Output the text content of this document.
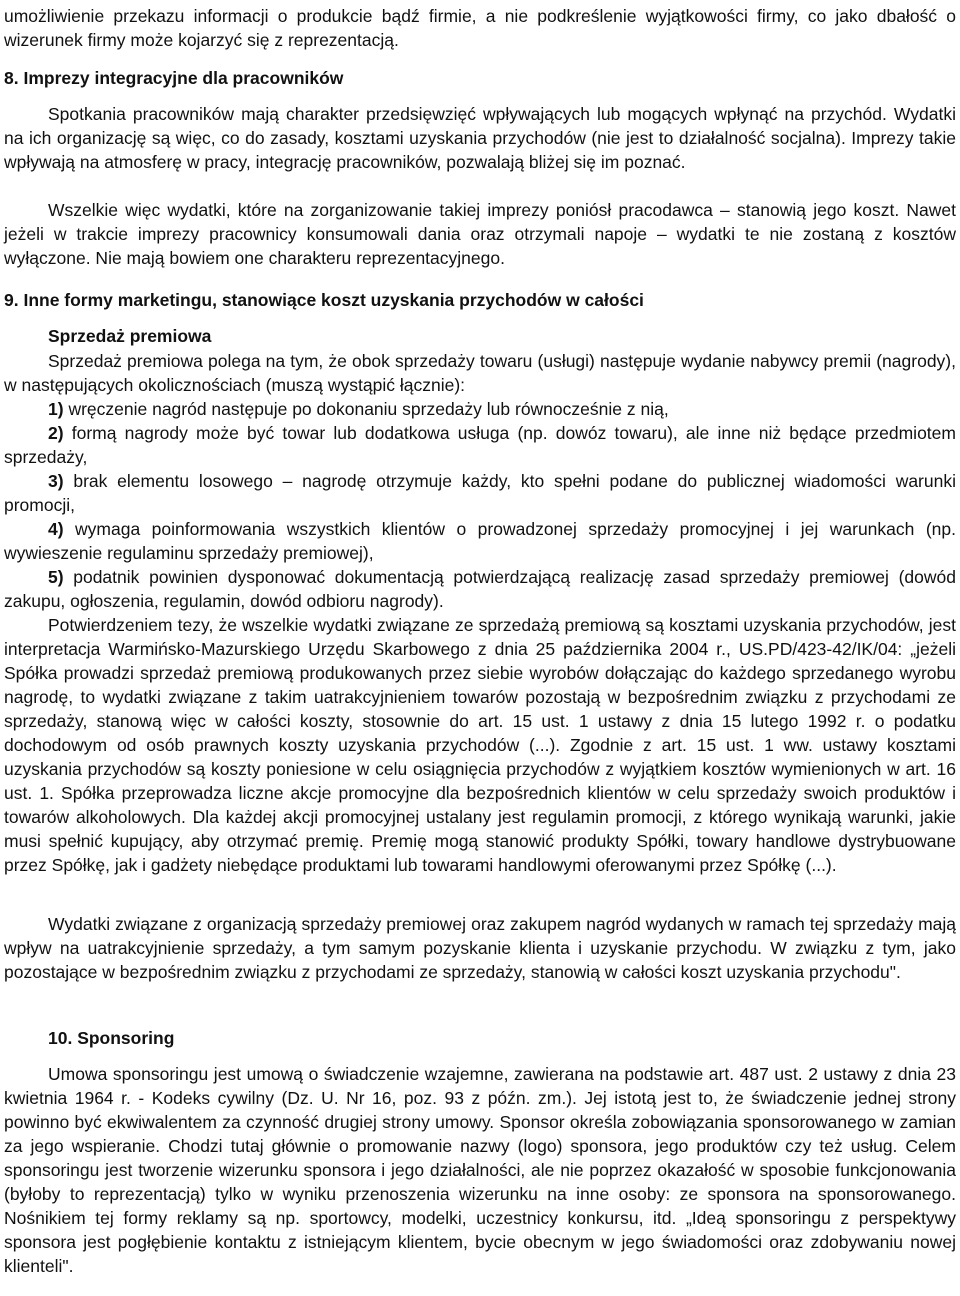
umożliwienie przekazu informacji o produkcie bądź firmie, a nie podkreślenie wyjątkowości firmy, co jako dbałość o wizerunek firmy może kojarzyć się z reprezentacją.

8. Imprezy integracyjne dla pracowników

Spotkania pracowników mają charakter przedsięwzięć wpływających lub mogących wpłynąć na przychód. Wydatki na ich organizację są więc, co do zasady, kosztami uzyskania przychodów (nie jest to działalność socjalna). Imprezy takie wpływają na atmosferę w pracy, integrację pracowników, pozwalają bliżej się im poznać.

Wszelkie więc wydatki, które na zorganizowanie takiej imprezy poniósł pracodawca – stanowią jego koszt. Nawet jeżeli w trakcie imprezy pracownicy konsumowali dania oraz otrzymali napoje – wydatki te nie zostaną z kosztów wyłączone. Nie mają bowiem one charakteru reprezentacyjnego.

9. Inne formy marketingu, stanowiące koszt uzyskania przychodów w całości

Sprzedaż premiowa

Sprzedaż premiowa polega na tym, że obok sprzedaży towaru (usługi) następuje wydanie nabywcy premii (nagrody), w następujących okolicznościach (muszą wystąpić łącznie):

1) wręczenie nagród następuje po dokonaniu sprzedaży lub równocześnie z nią,

2) formą nagrody może być towar lub dodatkowa usługa (np. dowóz towaru), ale inne niż będące przedmiotem sprzedaży,

3) brak elementu losowego – nagrodę otrzymuje każdy, kto spełni podane do publicznej wiadomości warunki promocji,

4) wymaga poinformowania wszystkich klientów o prowadzonej sprzedaży promocyjnej i jej warunkach (np. wywieszenie regulaminu sprzedaży premiowej),

5) podatnik powinien dysponować dokumentacją potwierdzającą realizację zasad sprzedaży premiowej (dowód zakupu, ogłoszenia, regulamin, dowód odbioru nagrody).

Potwierdzeniem tezy, że wszelkie wydatki związane ze sprzedażą premiową są kosztami uzyskania przychodów, jest interpretacja Warmińsko-Mazurskiego Urzędu Skarbowego z dnia 25 października 2004 r., US.PD/423-42/IK/04: „jeżeli Spółka prowadzi sprzedaż premiową produkowanych przez siebie wyrobów dołączając do każdego sprzedanego wyrobu nagrodę, to wydatki związane z takim uatrakcyjnieniem towarów pozostają w bezpośrednim związku z przychodami ze sprzedaży, stanową więc w całości koszty, stosownie do art. 15 ust. 1 ustawy z dnia 15 lutego 1992 r. o podatku dochodowym od osób prawnych koszty uzyskania przychodów (...). Zgodnie z art. 15 ust. 1 ww. ustawy kosztami uzyskania przychodów są koszty poniesione w celu osiągnięcia przychodów z wyjątkiem kosztów wymienionych w art. 16 ust. 1. Spółka przeprowadza liczne akcje promocyjne dla bezpośrednich klientów w celu sprzedaży swoich produktów i towarów alkoholowych. Dla każdej akcji promocyjnej ustalany jest regulamin promocji, z którego wynikają warunki, jakie musi spełnić kupujący, aby otrzymać premię. Premię mogą stanowić produkty Spółki, towary handlowe dystrybuowane przez Spółkę, jak i gadżety niebędące produktami lub towarami handlowymi oferowanymi przez Spółkę (...).

Wydatki związane z organizacją sprzedaży premiowej oraz zakupem nagród wydanych w ramach tej sprzedaży mają wpływ na uatrakcyjnienie sprzedaży, a tym samym pozyskanie klienta i uzyskanie przychodu. W związku z tym, jako pozostające w bezpośrednim związku z przychodami ze sprzedaży, stanowią w całości koszt uzyskania przychodu".

10. Sponsoring

Umowa sponsoringu jest umową o świadczenie wzajemne, zawierana na podstawie art. 487 ust. 2 ustawy z dnia 23 kwietnia 1964 r. - Kodeks cywilny (Dz. U. Nr 16, poz. 93 z późn. zm.). Jej istotą jest to, że świadczenie jednej strony powinno być ekwiwalentem za czynność drugiej strony umowy. Sponsor określa zobowiązania sponsorowanego w zamian za jego wspieranie. Chodzi tutaj głównie o promowanie nazwy (logo) sponsora, jego produktów czy też usług. Celem sponsoringu jest tworzenie wizerunku sponsora i jego działalności, ale nie poprzez okazałość w sposobie funkcjonowania (byłoby to reprezentacją) tylko w wyniku przenoszenia wizerunku na inne osoby: ze sponsora na sponsorowanego. Nośnikiem tej formy reklamy są np. sportowcy, modelki, uczestnicy konkursu, itd. „Ideą sponsoringu z perspektywy sponsora jest pogłębienie kontaktu z istniejącym klientem, bycie obecnym w jego świadomości oraz zdobywaniu nowej klienteli".
